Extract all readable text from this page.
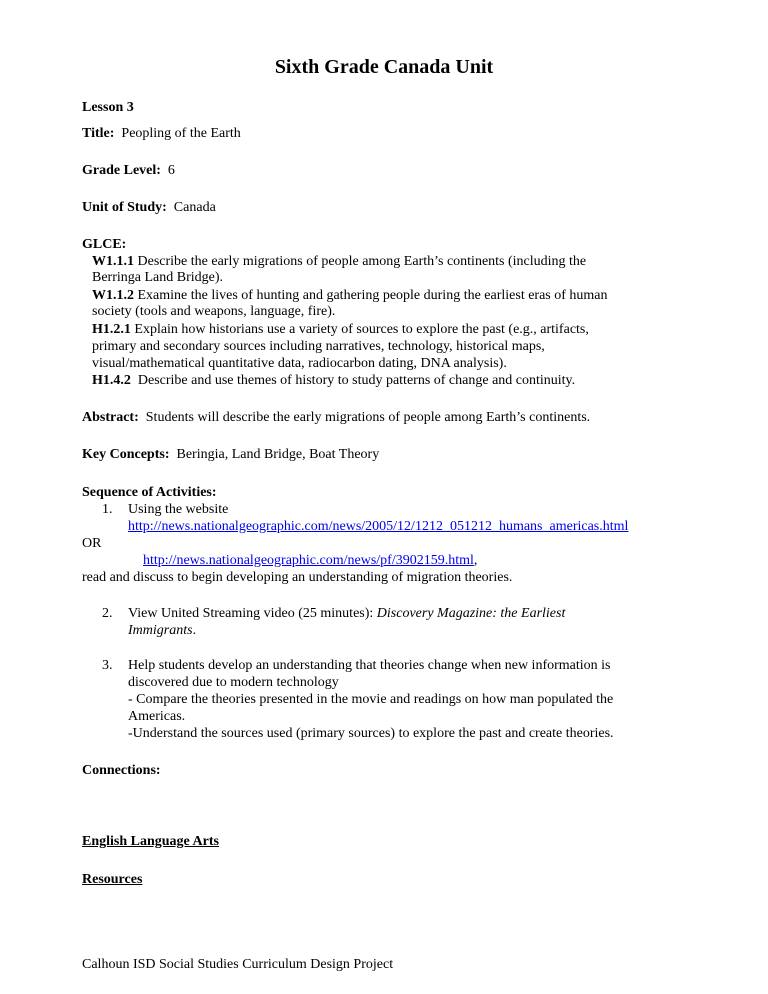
Sixth Grade Canada Unit
Lesson 3
Title: Peopling of the Earth
Grade Level: 6
Unit of Study: Canada
GLCE:
W1.1.1 Describe the early migrations of people among Earth’s continents (including the
Berringa Land Bridge).
W1.1.2 Examine the lives of hunting and gathering people during the earliest eras of human
society (tools and weapons, language, fire).
H1.2.1 Explain how historians use a variety of sources to explore the past (e.g., artifacts,
primary and secondary sources including narratives, technology, historical maps,
visual/mathematical quantitative data, radiocarbon dating, DNA analysis).
H1.4.2 Describe and use themes of history to study patterns of change and continuity.
Abstract: Students will describe the early migrations of people among Earth’s continents.
Key Concepts: Beringia, Land Bridge, Boat Theory
Sequence of Activities:
1. Using the website
http://news.nationalgeographic.com/news/2005/12/1212_051212_humans_americas.html
OR
http://news.nationalgeographic.com/news/pf/3902159.html,
read and discuss to begin developing an understanding of migration theories.
2. View United Streaming video (25 minutes): Discovery Magazine: the Earliest
Immigrants.
3. Help students develop an understanding that theories change when new information is
discovered due to modern technology
- Compare the theories presented in the movie and readings on how man populated the
Americas.
-Understand the sources used (primary sources) to explore the past and create theories.
Connections:
English Language Arts
Resources
Calhoun ISD Social Studies Curriculum Design Project
